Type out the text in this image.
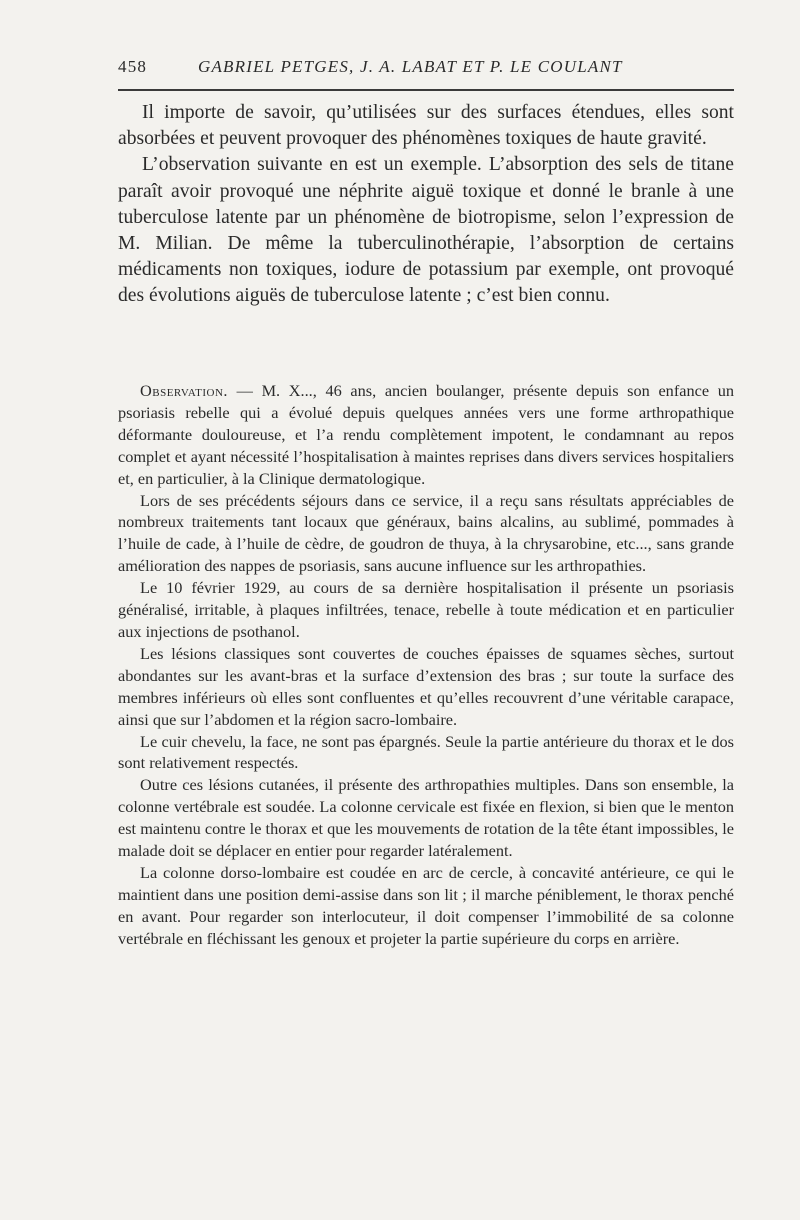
458	GABRIEL PETGES, J. A. LABAT ET P. LE COULANT

Il importe de savoir, qu’utilisées sur des surfaces étendues, elles sont absorbées et peuvent provoquer des phénomènes toxiques de haute gravité.

L’observation suivante en est un exemple. L’absorption des sels de titane paraît avoir provoqué une néphrite aiguë toxique et donné le branle à une tuberculose latente par un phénomène de biotropisme, selon l’expression de M. Milian. De même la tuberculinothérapie, l’absorption de certains médicaments non toxiques, iodure de potassium par exemple, ont provoqué des évolutions aiguës de tuberculose latente ; c’est bien connu.

Observation. — M. X..., 46 ans, ancien boulanger, présente depuis son enfance un psoriasis rebelle qui a évolué depuis quelques années vers une forme arthropathique déformante douloureuse, et l’a rendu complètement impotent, le condamnant au repos complet et ayant nécessité l’hospitalisation à maintes reprises dans divers services hospitaliers et, en particulier, à la Clinique dermatologique.

Lors de ses précédents séjours dans ce service, il a reçu sans résultats appréciables de nombreux traitements tant locaux que généraux, bains alcalins, au sublimé, pommades à l’huile de cade, à l’huile de cèdre, de goudron de thuya, à la chrysarobine, etc..., sans grande amélioration des nappes de psoriasis, sans aucune influence sur les arthropathies.

Le 10 février 1929, au cours de sa dernière hospitalisation il présente un psoriasis généralisé, irritable, à plaques infiltrées, tenace, rebelle à toute médication et en particulier aux injections de psothanol.

Les lésions classiques sont couvertes de couches épaisses de squames sèches, surtout abondantes sur les avant-bras et la surface d’extension des bras ; sur toute la surface des membres inférieurs où elles sont confluentes et qu’elles recouvrent d’une véritable carapace, ainsi que sur l’abdomen et la région sacro-lombaire.

Le cuir chevelu, la face, ne sont pas épargnés. Seule la partie antérieure du thorax et le dos sont relativement respectés.

Outre ces lésions cutanées, il présente des arthropathies multiples. Dans son ensemble, la colonne vertébrale est soudée. La colonne cervicale est fixée en flexion, si bien que le menton est maintenu contre le thorax et que les mouvements de rotation de la tête étant impossibles, le malade doit se déplacer en entier pour regarder latéralement.

La colonne dorso-lombaire est coudée en arc de cercle, à concavité antérieure, ce qui le maintient dans une position demi-assise dans son lit ; il marche péniblement, le thorax penché en avant. Pour regarder son interlocuteur, il doit compenser l’immobilité de sa colonne vertébrale en fléchissant les genoux et projeter la partie supérieure du corps en arrière.
